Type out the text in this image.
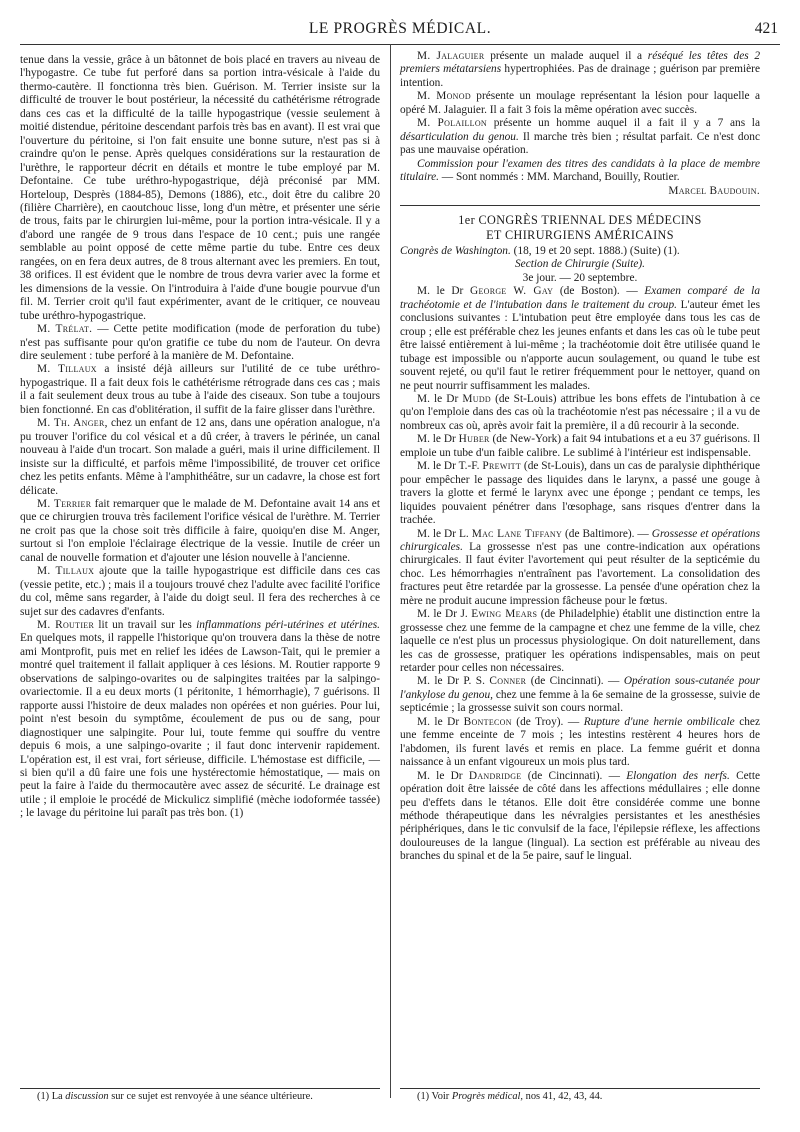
LE PROGRÈS MÉDICAL.	421

tenue dans la vessie, grâce à un bâtonnet de bois placé en travers au niveau de l'hypogastre. Ce tube fut perforé dans sa portion intra-vésicale à l'aide du thermo-cautère. Il fonctionna très bien. Guérison. M. Terrier insiste sur la difficulté de trouver le bout postérieur, la nécessité du cathétérisme rétrograde dans ces cas et la difficulté de la taille hypogastrique (vessie seulement à moitié distendue, péritoine descendant parfois très bas en avant). Il est vrai que l'ouverture du péritoine, si l'on fait ensuite une bonne suture, n'est pas si à craindre qu'on le pense. Après quelques considérations sur la restauration de l'urèthre, le rapporteur décrit en détails et montre le tube employé par M. Defontaine. Ce tube uréthro-hypogastrique, déjà préconisé par MM. Horteloup, Desprès (1884-85), Demons (1886), etc., doit être du calibre 20 (filière Charrière), en caoutchouc lisse, long d'un mètre, et présenter une série de trous, faits par le chirurgien lui-même, pour la portion intra-vésicale. Il y a d'abord une rangée de 9 trous dans l'espace de 10 cent.; puis une rangée semblable au point opposé de cette même partie du tube. Entre ces deux rangées, on en fera deux autres, de 8 trous alternant avec les premiers. En tout, 38 orifices. Il est évident que le nombre de trous devra varier avec la forme et les dimensions de la vessie. On l'introduira à l'aide d'une bougie pourvue d'un fil. M. Terrier croit qu'il faut expérimenter, avant de le critiquer, ce nouveau tube uréthro-hypogastrique.

M. Trélat. — Cette petite modification (mode de perforation du tube) n'est pas suffisante pour qu'on gratifie ce tube du nom de l'auteur. On devra dire seulement : tube perforé à la manière de M. Defontaine.

M. Tillaux a insisté déjà ailleurs sur l'utilité de ce tube uréthro-hypogastrique. Il a fait deux fois le cathétérisme rétrograde dans ces cas ; mais il a fait seulement deux trous au tube à l'aide des ciseaux. Son tube a toujours bien fonctionné. En cas d'oblitération, il suffit de la faire glisser dans l'urèthre.

M. Th. Anger, chez un enfant de 12 ans, dans une opération analogue, n'a pu trouver l'orifice du col vésical et a dû créer, à travers le périnée, un canal nouveau à l'aide d'un trocart. Son malade a guéri, mais il urine difficilement. Il insiste sur la difficulté, et parfois même l'impossibilité, de trouver cet orifice chez les petits enfants. Même à l'amphithéâtre, sur un cadavre, la chose est fort délicate.

M. Terrier fait remarquer que le malade de M. Defontaine avait 14 ans et que ce chirurgien trouva très facilement l'orifice vésical de l'urèthre. M. Terrier ne croit pas que la chose soit très difficile à faire, quoiqu'en dise M. Anger, surtout si l'on emploie l'éclairage électrique de la vessie. Inutile de créer un canal de nouvelle formation et d'ajouter une lésion nouvelle à l'ancienne.

M. Tillaux ajoute que la taille hypogastrique est difficile dans ces cas (vessie petite, etc.) ; mais il a toujours trouvé chez l'adulte avec facilité l'orifice du col, même sans regarder, à l'aide du doigt seul. Il fera des recherches à ce sujet sur des cadavres d'enfants.

M. Routier lit un travail sur les inflammations péri-utérines et utérines. En quelques mots, il rappelle l'historique qu'on trouvera dans la thèse de notre ami Montprofit, puis met en relief les idées de Lawson-Tait, qui le premier a montré quel traitement il fallait appliquer à ces lésions. M. Routier rapporte 9 observations de salpingo-ovarites ou de salpingites traitées par la salpingo-ovariectomie. Il a eu deux morts (1 péritonite, 1 hémorrhagie), 7 guérisons. Il rapporte aussi l'histoire de deux malades non opérées et non guéries. Pour lui, point n'est besoin du symptôme, écoulement de pus ou de sang, pour diagnostiquer une salpingite. Pour lui, toute femme qui souffre du ventre depuis 6 mois, a une salpingo-ovarite ; il faut donc intervenir rapidement. L'opération est, il est vrai, fort sérieuse, difficile. L'hémostase est difficile, — si bien qu'il a dû faire une fois une hystérectomie hémostatique, — mais on peut la faire à l'aide du thermocautère avec assez de sécurité. Le drainage est utile ; il emploie le procédé de Mickulicz simplifié (mèche iodoformée tassée) ; le lavage du péritoine lui paraît pas très bon. (1)

(1) La discussion sur ce sujet est renvoyée à une séance ultérieure.

M. Jalaguier présente un malade auquel il a réséqué les têtes des 2 premiers métatarsiens hypertrophiées. Pas de drainage ; guérison par première intention.

M. Monod présente un moulage représentant la lésion pour laquelle a opéré M. Jalaguier. Il a fait 3 fois la même opération avec succès.

M. Polaillon présente un homme auquel il a fait il y a 7 ans la désarticulation du genou. Il marche très bien ; résultat parfait. Ce n'est donc pas une mauvaise opération.

Commission pour l'examen des titres des candidats à la place de membre titulaire. — Sont nommés : MM. Marchand, Bouilly, Routier.

Marcel Baudouin.

1er CONGRÈS TRIENNAL DES MÉDECINS

ET CHIRURGIENS AMÉRICAINS

Congrès de Washington. (18, 19 et 20 sept. 1888.) (Suite) (1).

Section de Chirurgie (Suite).

3e jour. — 20 septembre.

M. le Dr George W. Gay (de Boston). — Examen comparé de la trachéotomie et de l'intubation dans le traitement du croup. L'auteur émet les conclusions suivantes : L'intubation peut être employée dans tous les cas de croup ; elle est préférable chez les jeunes enfants et dans les cas où le tube peut être laissé entièrement à lui-même ; la trachéotomie doit être utilisée quand le tubage est impossible ou n'apporte aucun soulagement, ou quand le tube est souvent rejeté, ou qu'il faut le retirer fréquemment pour le nettoyer, quand on ne peut nourrir suffisamment les malades.

M. le Dr Mudd (de St-Louis) attribue les bons effets de l'intubation à ce qu'on l'emploie dans des cas où la trachéotomie n'est pas nécessaire ; il a vu de nombreux cas où, après avoir fait la première, il a dû recourir à la seconde.

M. le Dr Huber (de New-York) a fait 94 intubations et a eu 37 guérisons. Il emploie un tube d'un faible calibre. Le sublimé à l'intérieur est indispensable.

M. le Dr T.-F. Prewitt (de St-Louis), dans un cas de paralysie diphthérique pour empêcher le passage des liquides dans le larynx, a passé une gouge à travers la glotte et fermé le larynx avec une éponge ; pendant ce temps, les liquides pouvaient pénétrer dans l'œsophage, sans risques d'entrer dans la trachée.

M. le Dr L. Mac Lane Tiffany (de Baltimore). — Grossesse et opérations chirurgicales. La grossesse n'est pas une contre-indication aux opérations chirurgicales. Il faut éviter l'avortement qui peut résulter de la septicémie du choc. Les hémorrhagies n'entraînent pas l'avortement. La consolidation des fractures peut être retardée par la grossesse. La pensée d'une opération chez la mère ne produit aucune impression fâcheuse pour le fœtus.

M. le Dr J. Ewing Mears (de Philadelphie) établit une distinction entre la grossesse chez une femme de la campagne et chez une femme de la ville, chez laquelle ce n'est plus un processus physiologique. On doit naturellement, dans les cas de grossesse, pratiquer les opérations indispensables, mais on peut retarder pour celles non nécessaires.

M. le Dr P. S. Conner (de Cincinnati). — Opération sous-cutanée pour l'ankylose du genou, chez une femme à la 6e semaine de la grossesse, suivie de septicémie ; la grossesse suivit son cours normal.

M. le Dr Bontecon (de Troy). — Rupture d'une hernie ombilicale chez une femme enceinte de 7 mois ; les intestins restèrent 4 heures hors de l'abdomen, ils furent lavés et remis en place. La femme guérit et donna naissance à un enfant vigoureux un mois plus tard.

M. le Dr Dandridge (de Cincinnati). — Elongation des nerfs. Cette opération doit être laissée de côté dans les affections médullaires ; elle donne peu d'effets dans le tétanos. Elle doit être considérée comme une bonne méthode thérapeutique dans les névralgies persistantes et les anesthésies périphériques, dans le tic convulsif de la face, l'épilepsie réflexe, les affections douloureuses de la langue (lingual). La section est préférable au niveau des branches du spinal et de la 5e paire, sauf le lingual.

(1) Voir Progrès médical, nos 41, 42, 43, 44.
